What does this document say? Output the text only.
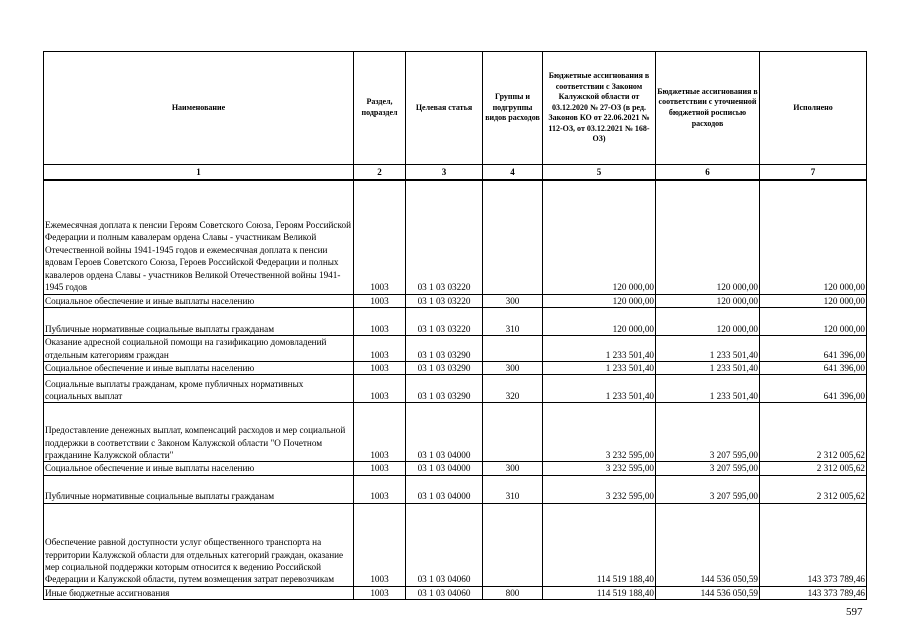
Наименование	Раздел, подраздел	Целевая статья	Группы и подгруппы видов расходов	Бюджетные ассигнования в соответствии с Законом Калужской области от 03.12.2020 № 27-ОЗ (в ред. Законов КО от 22.06.2021 № 112-ОЗ, от 03.12.2021 № 168-ОЗ)	Бюджетные ассигнования в соответствии с уточненной бюджетной росписью расходов	Исполнено
1	2	3	4	5	6	7
Ежемесячная доплата к пенсии Героям Советского Союза, Героям Российской Федерации и полным кавалерам ордена Славы - участникам Великой Отечественной войны 1941-1945 годов и ежемесячная доплата к пенсии вдовам Героев Советского Союза, Героев Российской Федерации и полных кавалеров ордена Славы - участников Великой Отечественной войны 1941-1945 годов	1003	03 1 03 03220		120 000,00	120 000,00	120 000,00
Социальное обеспечение и иные выплаты населению	1003	03 1 03 03220	300	120 000,00	120 000,00	120 000,00
Публичные нормативные социальные выплаты гражданам	1003	03 1 03 03220	310	120 000,00	120 000,00	120 000,00
Оказание адресной социальной помощи на газификацию домовладений отдельным категориям граждан	1003	03 1 03 03290		1 233 501,40	1 233 501,40	641 396,00
Социальное обеспечение и иные выплаты населению	1003	03 1 03 03290	300	1 233 501,40	1 233 501,40	641 396,00
Социальные выплаты гражданам, кроме публичных нормативных социальных выплат	1003	03 1 03 03290	320	1 233 501,40	1 233 501,40	641 396,00
Предоставление денежных выплат, компенсаций расходов и мер социальной поддержки в соответствии с Законом Калужской области "О Почетном гражданине Калужской области"	1003	03 1 03 04000		3 232 595,00	3 207 595,00	2 312 005,62
Социальное обеспечение и иные выплаты населению	1003	03 1 03 04000	300	3 232 595,00	3 207 595,00	2 312 005,62
Публичные нормативные социальные выплаты гражданам	1003	03 1 03 04000	310	3 232 595,00	3 207 595,00	2 312 005,62
Обеспечение равной доступности услуг общественного транспорта на территории Калужской области для отдельных категорий граждан, оказание мер социальной поддержки которым относится к ведению Российской Федерации и Калужской области, путем возмещения затрат перевозчикам	1003	03 1 03 04060		114 519 188,40	144 536 050,59	143 373 789,46
Иные бюджетные ассигнования	1003	03 1 03 04060	800	114 519 188,40	144 536 050,59	143 373 789,46
597
